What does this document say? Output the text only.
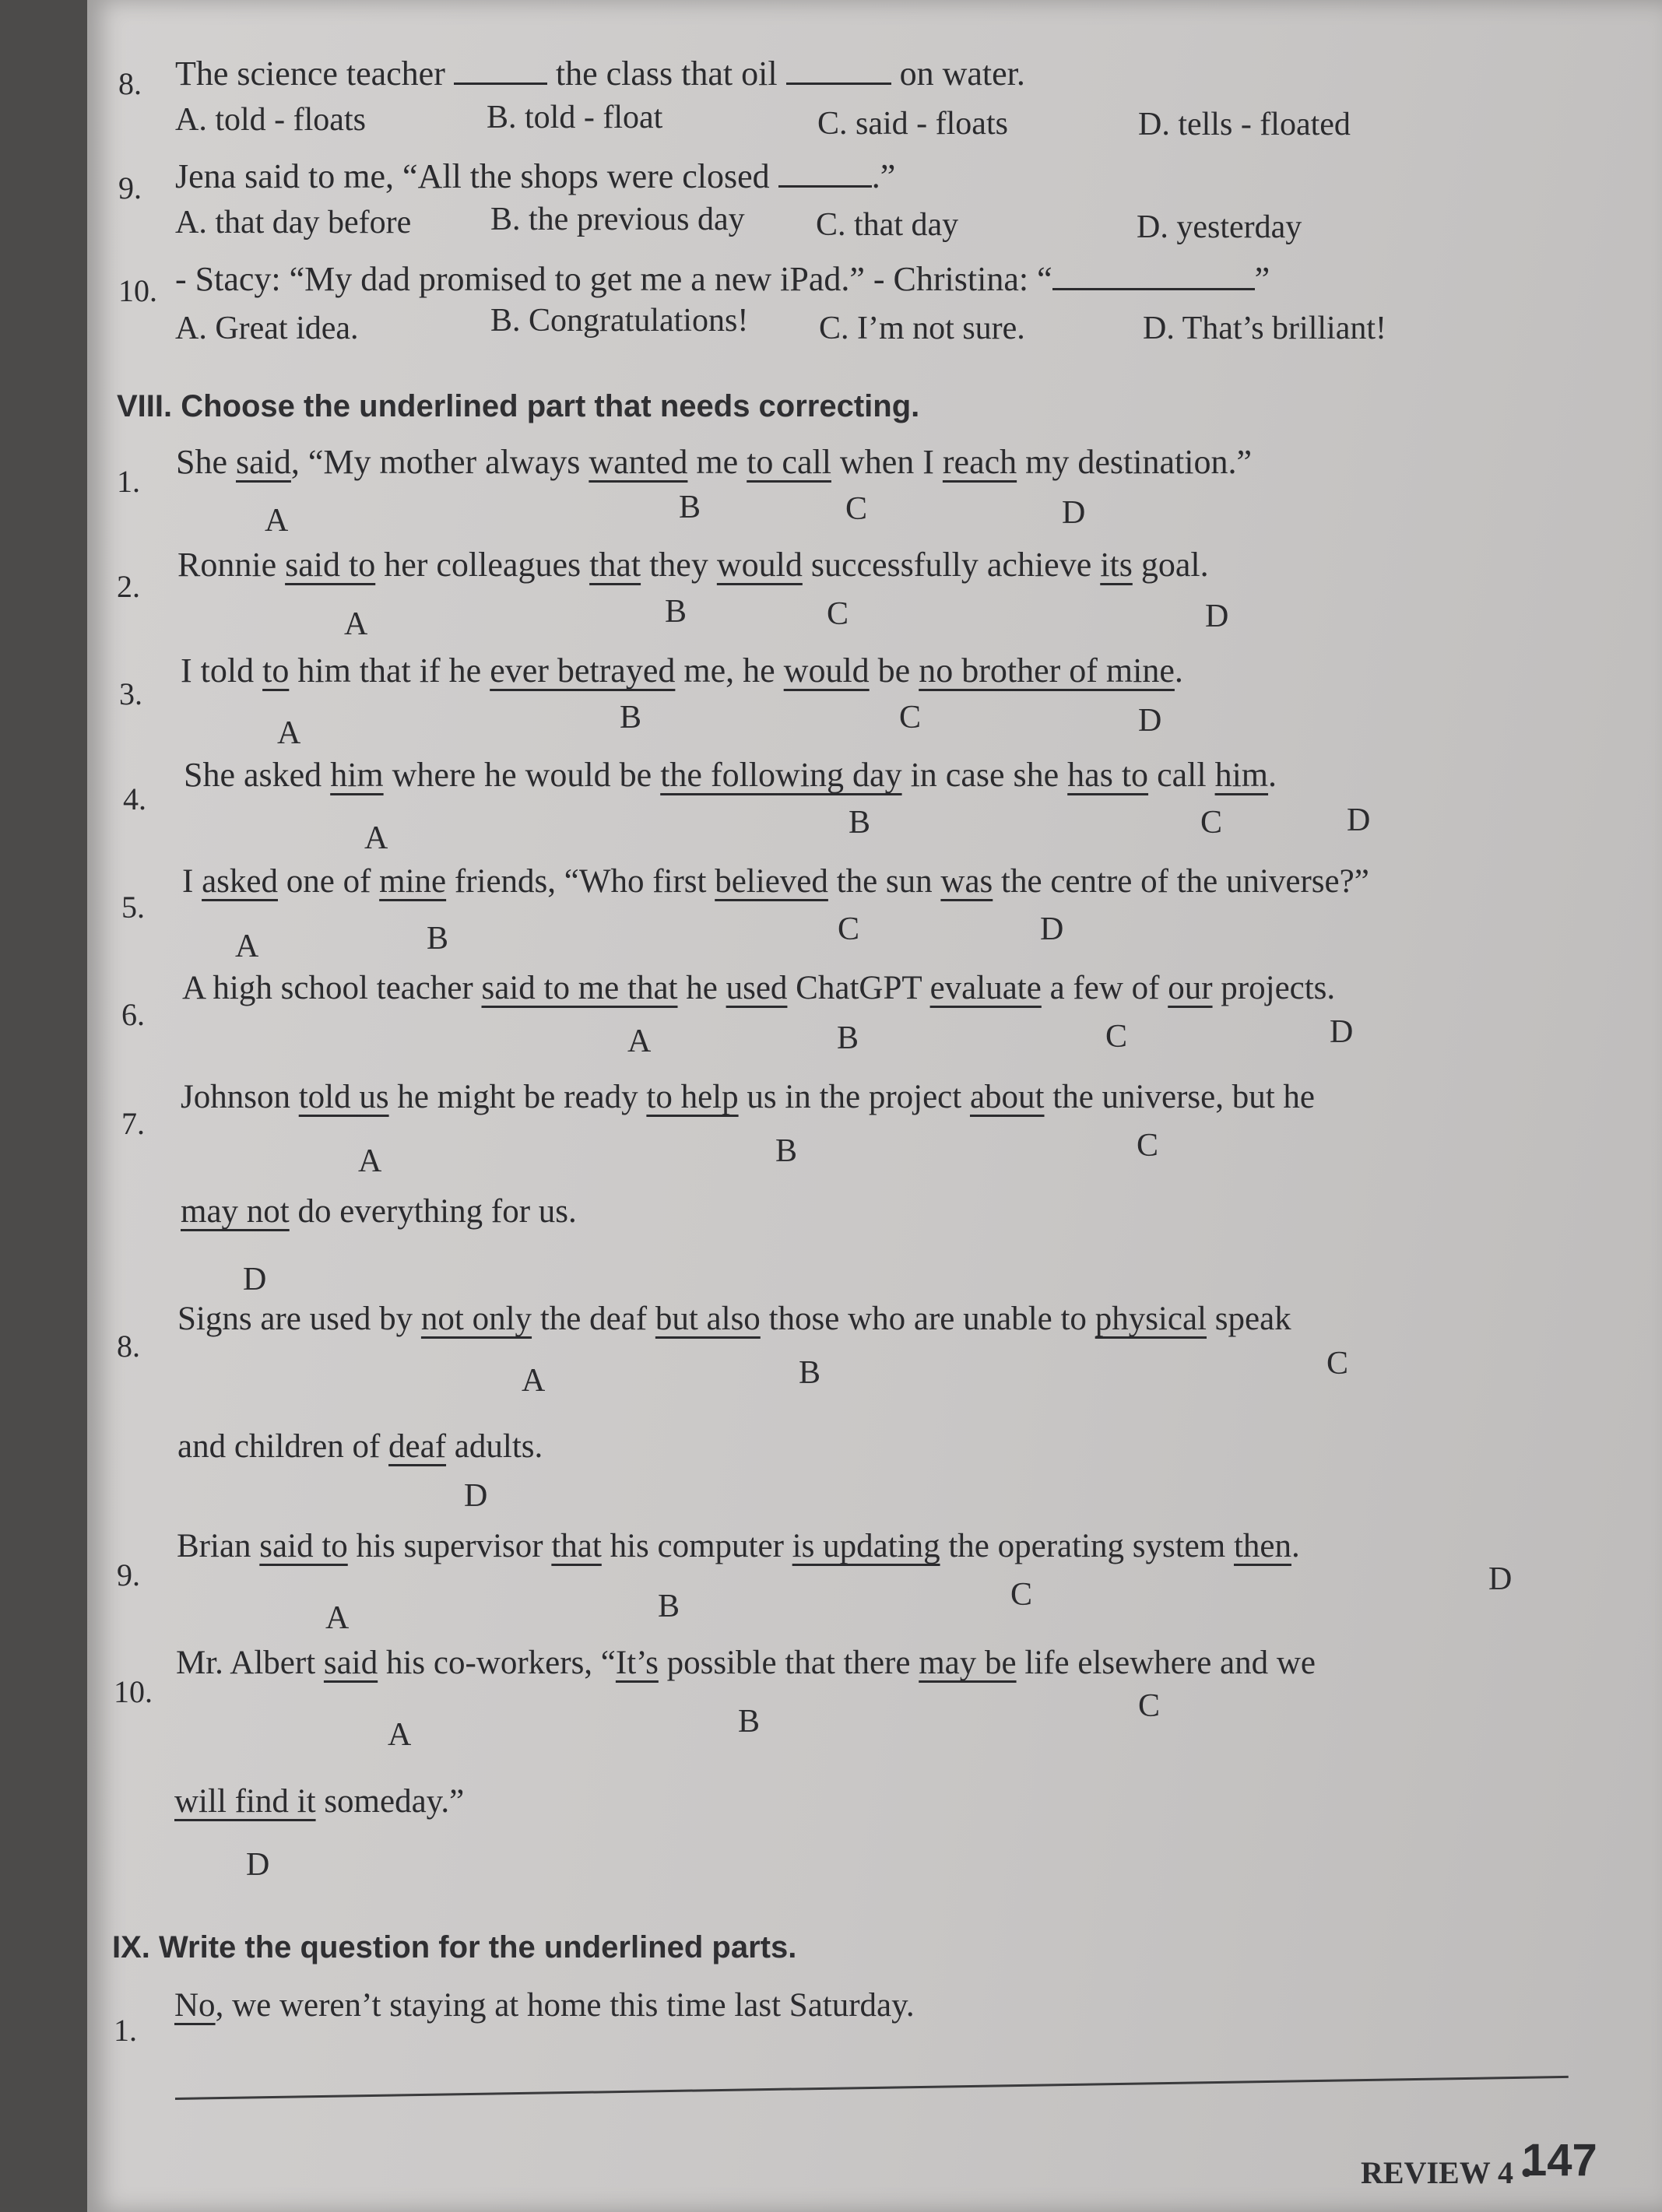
8. The science teacher	the class that oil	on water.
A. told - floats	B. told - float	C. said - floats	D. tells - floated
9. Jena said to me, “All the shops were closed	.”
A. that day before B. the previous day C. that day	D. yesterday
10. - Stacy: “My dad promised to get me a new iPad.” - Christina: “	”
A. Great idea.	B. Congratulations! C. I’m not sure.	D. That’s brilliant!
VIII. Choose the underlined part that needs correcting.
1.
She said, “My mother always wanted me to call when I reach my destination.”
A	B	C	D
2.
Ronnie said to her colleagues that they would successfully achieve its goal.
A	B	C	D
3.
I told to him that if he ever betrayed me, he would be no brother of mine.
A	B	C	D
4.
She asked him where he would be the following day in case she has to call him.
A	B	C	D
5.
I asked one of mine friends, “Who first believed the sun was the centre of the universe?”
A	B	C	D
6.
A high school teacher said to me that he used ChatGPT evaluate a few of our projects.
A	B	C	D
7.
Johnson told us he might be ready to help us in the project about the universe, but he
A	B	C
may not do everything for us.
D
8.
Signs are used by not only the deaf but also those who are unable to physical speak
A	B	C
and children of deaf adults.
D
9.
Brian said to his supervisor that his computer is updating the operating system then.
A	B	C	D
10.
Mr. Albert said his co-workers, “It’s possible that there may be life elsewhere and we
A	B	C
will find it someday.”
D
IX. Write the question for the underlined parts.
1.
No, we weren’t staying at home this time last Saturday.
REVIEW 4 •
147
